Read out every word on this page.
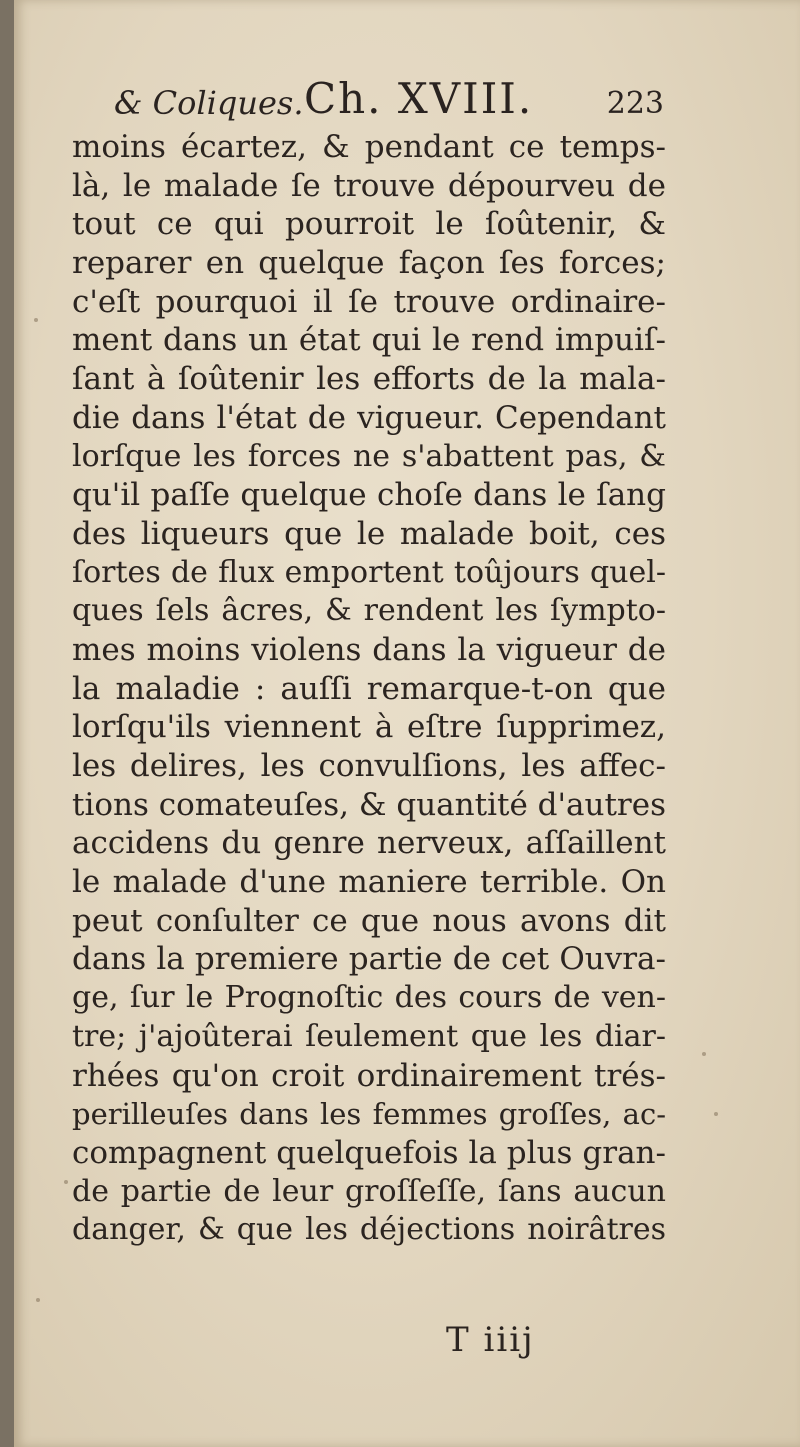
& Coliques. Ch. XVIII. 223
moins écartez, & pendant ce temps-
là, le malade ſe trouve dépourveu de
tout ce qui pourroit le ſoûtenir, &
reparer en quelque façon ſes forces;
c'eſt pourquoi il ſe trouve ordinaire-
ment dans un état qui le rend impuiſ-
ſant à ſoûtenir les efforts de la mala-
die dans l'état de vigueur. Cependant
lorſque les forces ne s'abattent pas, &
qu'il paſſe quelque choſe dans le ſang
des liqueurs que le malade boit, ces
ſortes de flux emportent toûjours quel-
ques ſels âcres, & rendent les ſympto-
mes moins violens dans la vigueur de
la maladie : auſſi remarque-t-on que
lorſqu'ils viennent à eſtre ſupprimez,
les delires, les convulſions, les affec-
tions comateuſes, & quantité d'autres
accidens du genre nerveux, aſſaillent
le malade d'une maniere terrible. On
peut conſulter ce que nous avons dit
dans la premiere partie de cet Ouvra-
ge, ſur le Prognoſtic des cours de ven-
tre; j'ajoûterai ſeulement que les diar-
rhées qu'on croit ordinairement trés-
perilleuſes dans les femmes groſſes, ac-
compagnent quelquefois la plus gran-
de partie de leur groſſeſſe, ſans aucun
danger, & que les déjections noirâtres
T iiij
